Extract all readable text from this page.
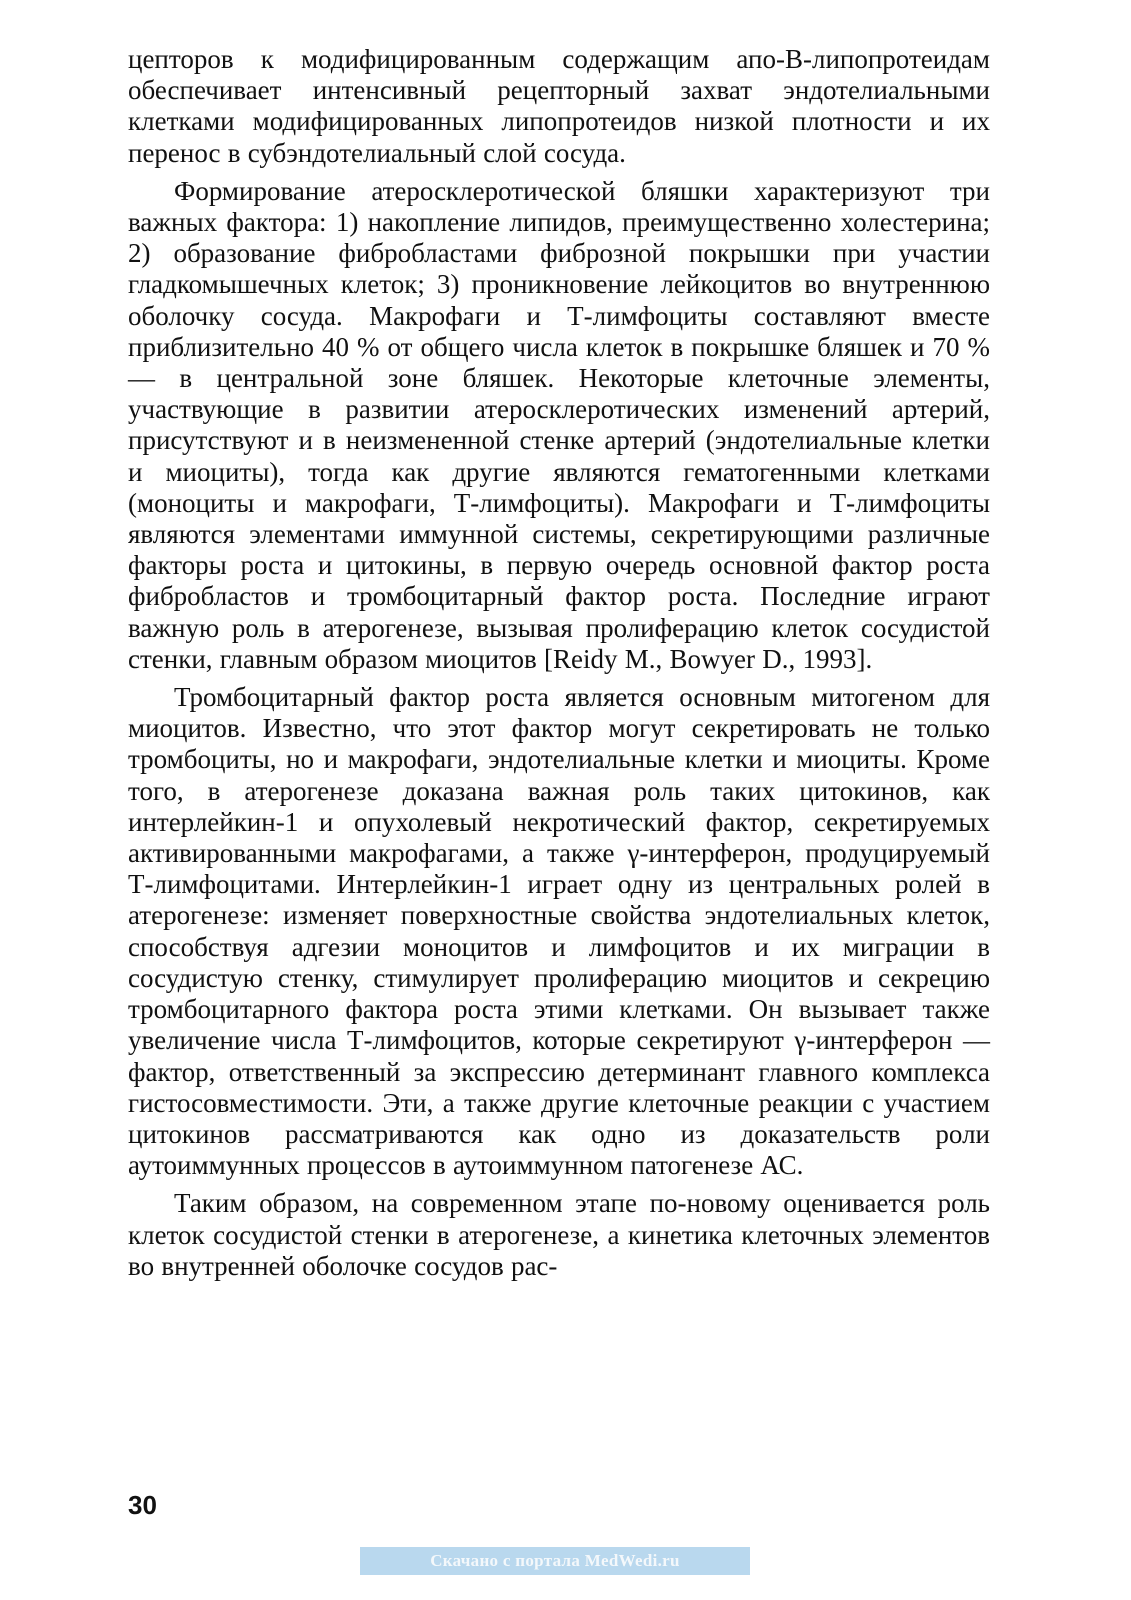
цепторов к модифицированным содержащим апо-В-липопротеидам обеспечивает интенсивный рецепторный захват эндотелиальными клетками модифицированных липопротеидов низкой плотности и их перенос в субэндотелиальный слой сосуда.

Формирование атеросклеротической бляшки характеризуют три важных фактора: 1) накопление липидов, преимущественно холестерина; 2) образование фибробластами фиброзной покрышки при участии гладкомышечных клеток; 3) проникновение лейкоцитов во внутреннюю оболочку сосуда. Макрофаги и Т-лимфоциты составляют вместе приблизительно 40 % от общего числа клеток в покрышке бляшек и 70 % — в центральной зоне бляшек. Некоторые клеточные элементы, участвующие в развитии атеросклеротических изменений артерий, присутствуют и в неизмененной стенке артерий (эндотелиальные клетки и миоциты), тогда как другие являются гематогенными клетками (моноциты и макрофаги, Т-лимфоциты). Макрофаги и Т-лимфоциты являются элементами иммунной системы, секретирующими различные факторы роста и цитокины, в первую очередь основной фактор роста фибробластов и тромбоцитарный фактор роста. Последние играют важную роль в атерогенезе, вызывая пролиферацию клеток сосудистой стенки, главным образом миоцитов [Reidy M., Bowyer D., 1993].

Тромбоцитарный фактор роста является основным митогеном для миоцитов. Известно, что этот фактор могут секретировать не только тромбоциты, но и макрофаги, эндотелиальные клетки и миоциты. Кроме того, в атерогенезе доказана важная роль таких цитокинов, как интерлейкин-1 и опухолевый некротический фактор, секретируемых активированными макрофагами, а также γ-интерферон, продуцируемый Т-лимфоцитами. Интерлейкин-1 играет одну из центральных ролей в атерогенезе: изменяет поверхностные свойства эндотелиальных клеток, способствуя адгезии моноцитов и лимфоцитов и их миграции в сосудистую стенку, стимулирует пролиферацию миоцитов и секрецию тромбоцитарного фактора роста этими клетками. Он вызывает также увеличение числа Т-лимфоцитов, которые секретируют γ-интерферон — фактор, ответственный за экспрессию детерминант главного комплекса гистосовместимости. Эти, а также другие клеточные реакции с участием цитокинов рассматриваются как одно из доказательств роли аутоиммунных процессов в аутоиммунном патогенезе АС.

Таким образом, на современном этапе по-новому оценивается роль клеток сосудистой стенки в атерогенезе, а кинетика клеточных элементов во внутренней оболочке сосудов рас-

30
Скачано с портала MedWedi.ru
